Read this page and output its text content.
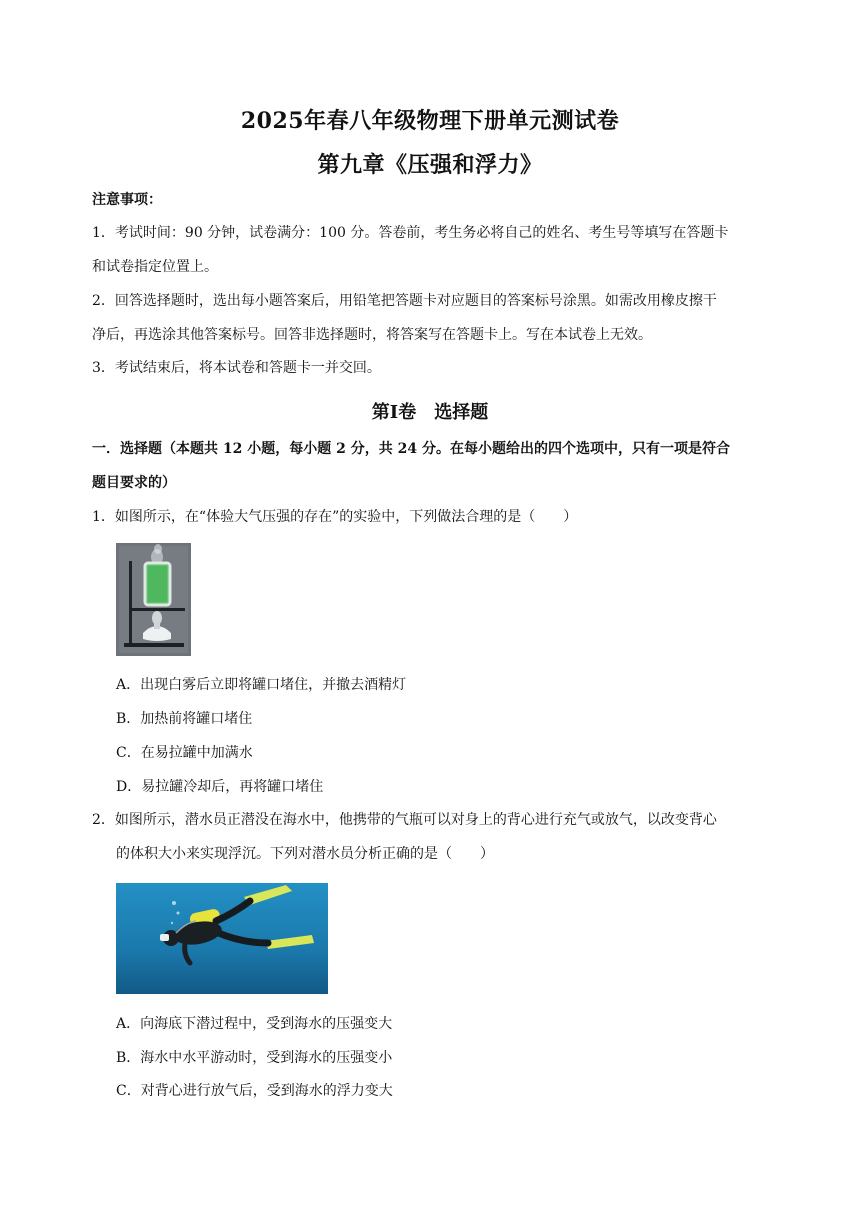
2025年春八年级物理下册单元测试卷
第九章《压强和浮力》
注意事项：
1．考试时间：90 分钟，试卷满分：100 分。答卷前，考生务必将自己的姓名、考生号等填写在答题卡
和试卷指定位置上。
2．回答选择题时，选出每小题答案后，用铅笔把答题卡对应题目的答案标号涂黑。如需改用橡皮擦干
净后，再选涂其他答案标号。回答非选择题时，将答案写在答题卡上。写在本试卷上无效。
3．考试结束后，将本试卷和答题卡一并交回。
第Ⅰ卷　选择题
一．选择题（本题共 12 小题，每小题 2 分，共 24 分。在每小题给出的四个选项中，只有一项是符合
题目要求的）
1．如图所示，在“体验大气压强的存在”的实验中，下列做法合理的是（　　）
A．出现白雾后立即将罐口堵住，并撤去酒精灯
B．加热前将罐口堵住
C．在易拉罐中加满水
D．易拉罐冷却后，再将罐口堵住
2．如图所示，潜水员正潜没在海水中，他携带的气瓶可以对身上的背心进行充气或放气，以改变背心
的体积大小来实现浮沉。下列对潜水员分析正确的是（　　）
A．向海底下潜过程中，受到海水的压强变大
B．海水中水平游动时，受到海水的压强变小
C．对背心进行放气后，受到海水的浮力变大
